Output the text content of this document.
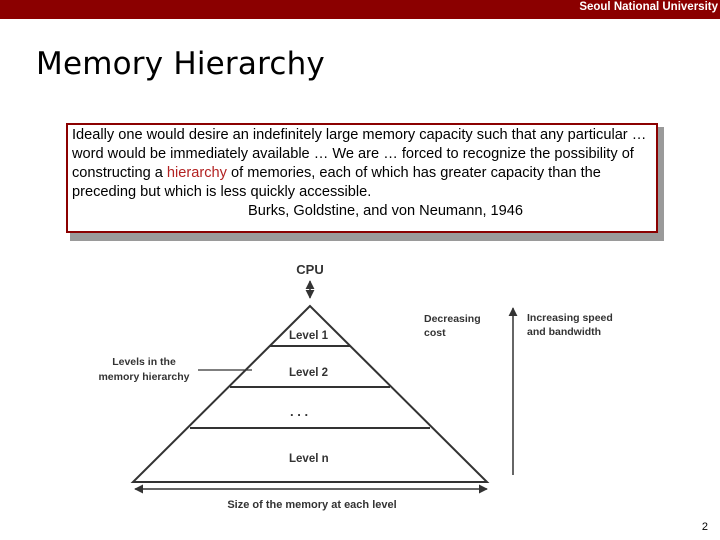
Seoul National University
Memory Hierarchy
Ideally one would desire an indefinitely large memory capacity such that any particular … word would be immediately available … We are … forced to recognize the possibility of constructing a hierarchy of memories, each of which has greater capacity than the preceding but which is less quickly accessible.Burks, Goldstine, and von Neumann, 1946
CPU
Level 1
Level 2
. . .
Level n
Levels in the
memory hierarchy
Decreasing
cost
Increasing speed
and bandwidth
Size of the memory at each level
2
